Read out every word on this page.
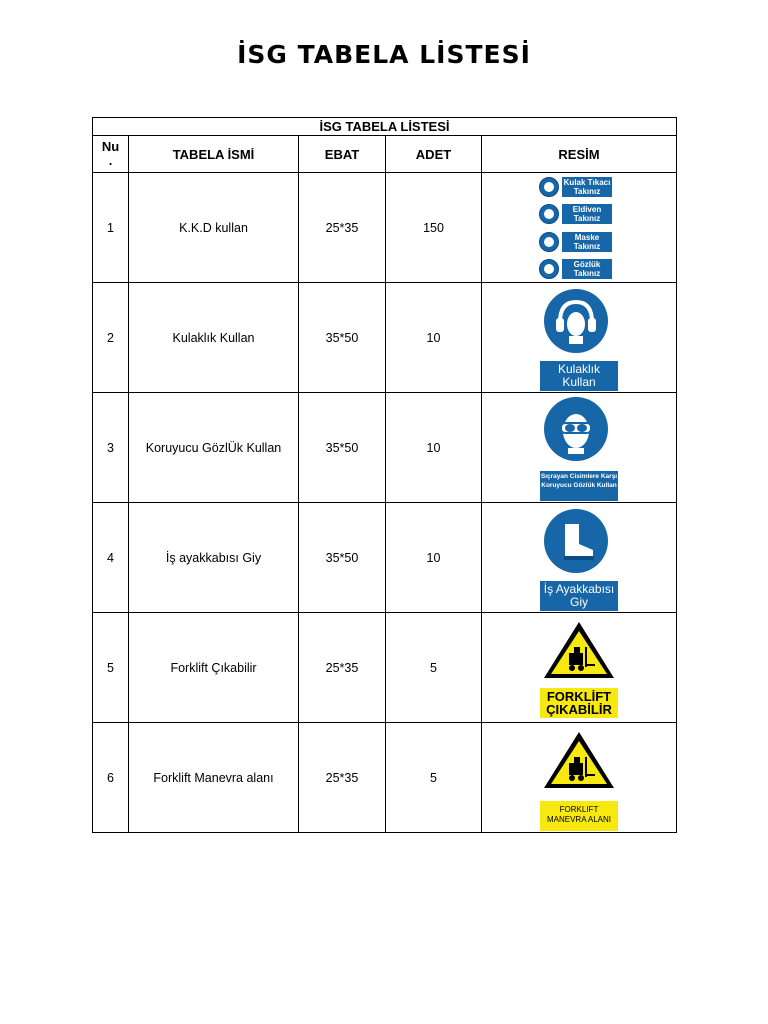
İSG TABELA LİSTESİ
İSG TABELA LİSTESİ				
Nu .	TABELA İSMİ	EBAT	ADET	RESİM
1	K.K.D kullan	25*35	150	Kulak Tıkacı Takınız
Eldiven Takınız
Maske Takınız
Gözlük Takınız

2	Kulaklık Kullan	35*50	10	Kulaklık Kullan

3	Koruyucu GözlÜk Kullan	35*50	10	Sıçrayan Cisimlere Karşı Koruyucu Gözlük Kullan

4	İş ayakkabısı Giy	35*50	10	İş Ayakkabısı Giy

5	Forklift Çıkabilir	25*35	5	FORKLİFT ÇIKABİLİR

6	Forklift Manevra alanı	25*35	5	FORKLIFT MANEVRA ALANI
